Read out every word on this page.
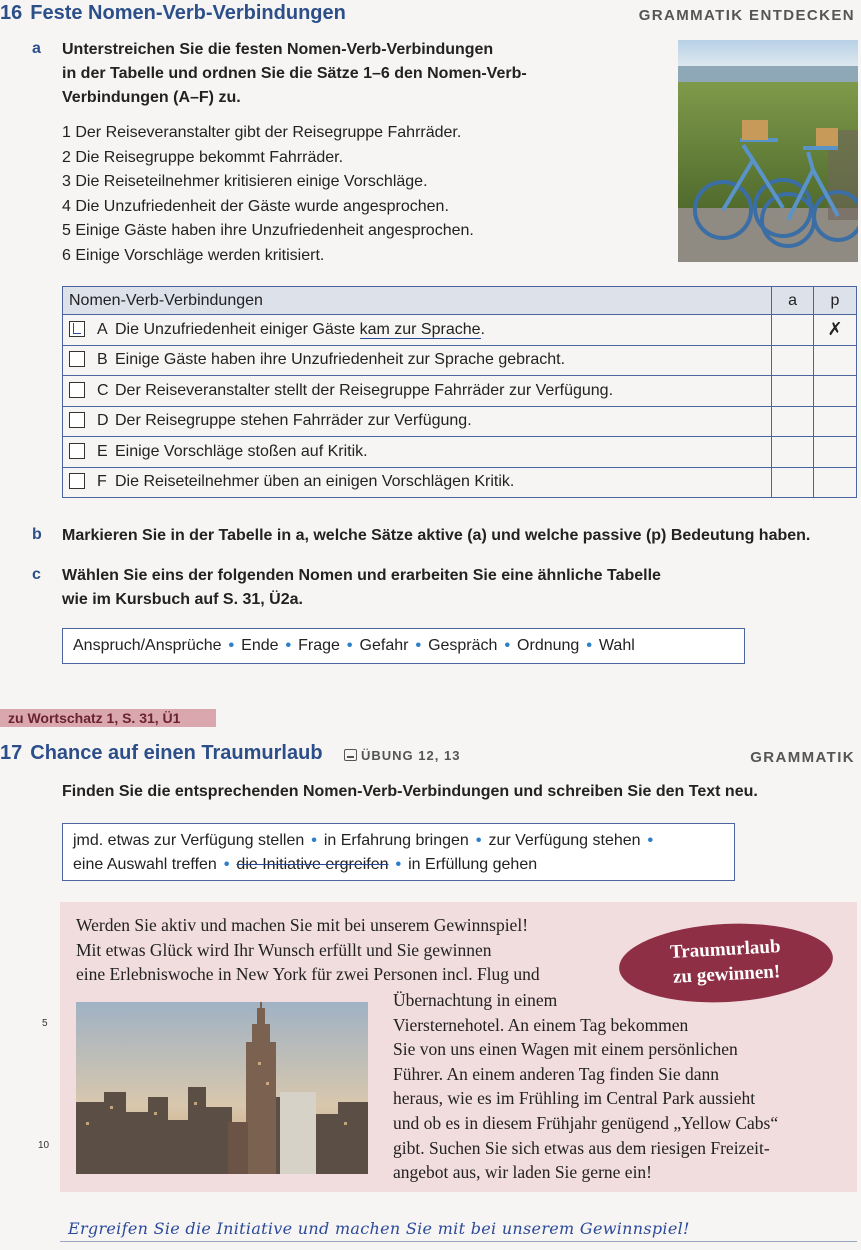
16 Feste Nomen-Verb-Verbindungen	GRAMMATIK ENTDECKEN
a Unterstreichen Sie die festen Nomen-Verb-Verbindungen
in der Tabelle und ordnen Sie die Sätze 1–6 den Nomen-Verb-
Verbindungen (A–F) zu.
1 Der Reiseveranstalter gibt der Reisegruppe Fahrräder.
2 Die Reisegruppe bekommt Fahrräder.
3 Die Reiseteilnehmer kritisieren einige Vorschläge.
4 Die Unzufriedenheit der Gäste wurde angesprochen.
5 Einige Gäste haben ihre Unzufriedenheit angesprochen.
6 Einige Vorschläge werden kritisiert.
Nomen-Verb-Verbindungen	a	p
A Die Unzufriedenheit einiger Gäste kam zur Sprache.		✗
B Einige Gäste haben ihre Unzufriedenheit zur Sprache gebracht.		
C Der Reiseveranstalter stellt der Reisegruppe Fahrräder zur Verfügung.		
D Der Reisegruppe stehen Fahrräder zur Verfügung.		
E Einige Vorschläge stoßen auf Kritik.		
F Die Reiseteilnehmer üben an einigen Vorschlägen Kritik.		
b Markieren Sie in der Tabelle in a, welche Sätze aktive (a) und welche passive (p) Bedeutung haben.
c Wählen Sie eins der folgenden Nomen und erarbeiten Sie eine ähnliche Tabelle
wie im Kursbuch auf S. 31, Ü2a.
Anspruch/Ansprüche • Ende • Frage • Gefahr • Gespräch • Ordnung • Wahl
zu Wortschatz 1, S. 31, Ü1
17 Chance auf einen Traumurlaub	ÜBUNG 12, 13	GRAMMATIK
Finden Sie die entsprechenden Nomen-Verb-Verbindungen und schreiben Sie den Text neu.
jmd. etwas zur Verfügung stellen • in Erfahrung bringen • zur Verfügung stehen •
eine Auswahl treffen • die Initiative ergreifen • in Erfüllung gehen
Werden Sie aktiv und machen Sie mit bei unserem Gewinnspiel!
Mit etwas Glück wird Ihr Wunsch erfüllt und Sie gewinnen
eine Erlebniswoche in New York für zwei Personen incl. Flug und
Traumurlaub
zu gewinnen!
5
10
Übernachtung in einem
Viersternehotel. An einem Tag bekommen
Sie von uns einen Wagen mit einem persönlichen
Führer. An einem anderen Tag finden Sie dann
heraus, wie es im Frühling im Central Park aussieht
und ob es in diesem Frühjahr genügend „Yellow Cabs“
gibt. Suchen Sie sich etwas aus dem riesigen Freizeit-
angebot aus, wir laden Sie gerne ein!
Ergreifen Sie die Initiative und machen Sie mit bei unserem Gewinnspiel!
